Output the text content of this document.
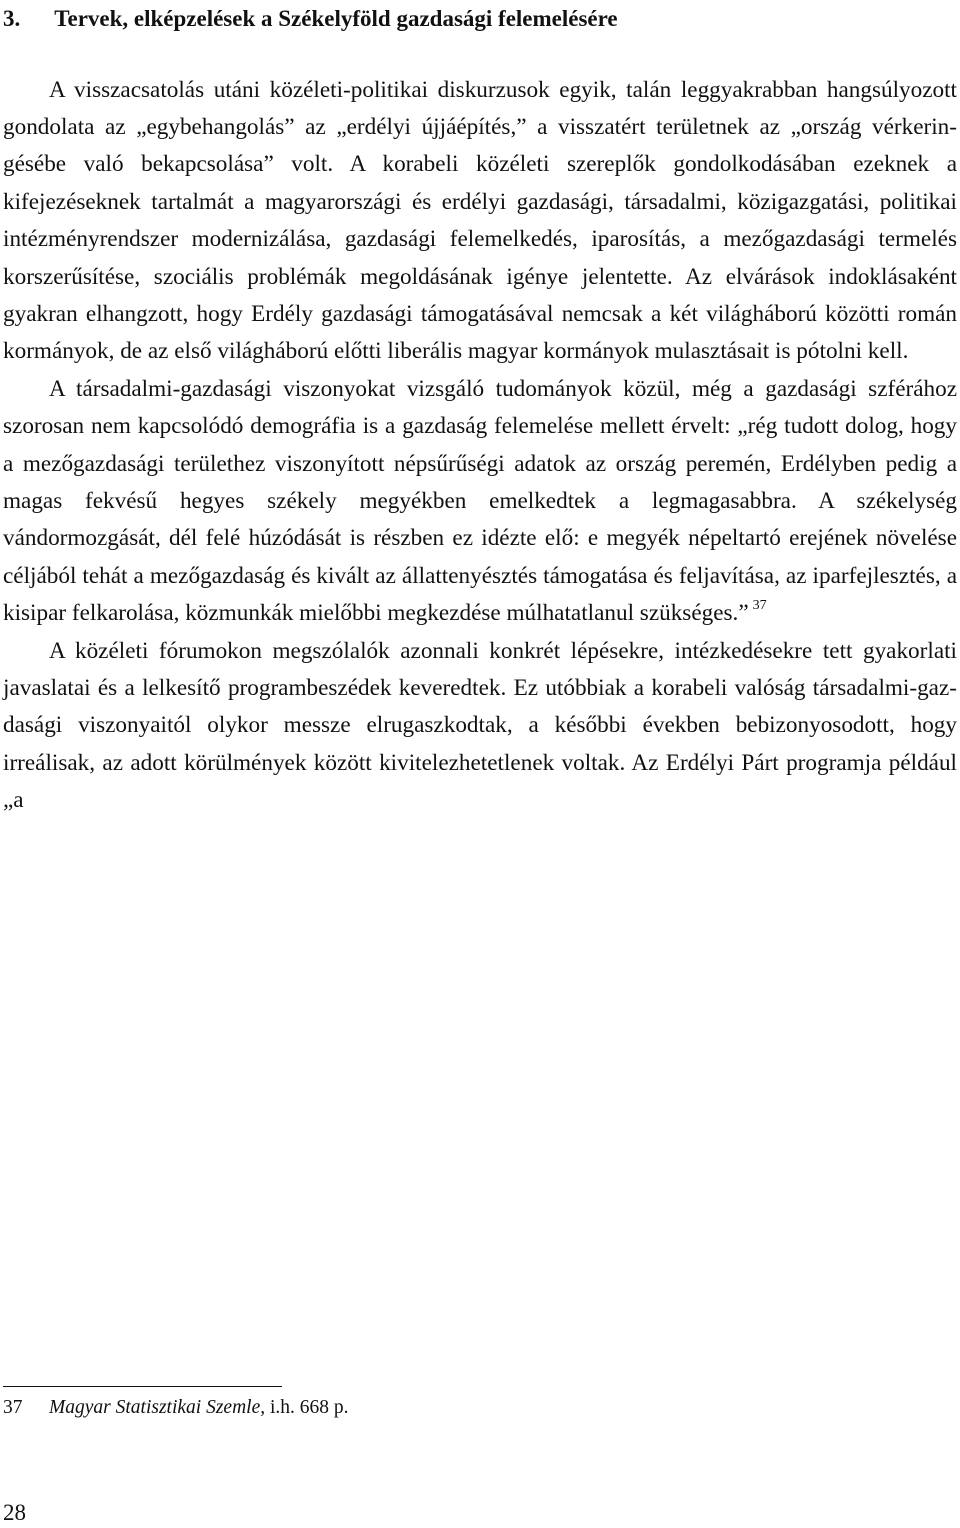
3. Tervek, elképzelések a Székelyföld gazdasági felemelésére

A visszacsatolás utáni közéleti-politikai diskurzusok egyik, talán leggyakrabban hangsúlyozott gondolata az „egybehangolás” az „erdélyi újjáépítés,” a visszatért területnek az „ország vérkeringésébe való bekapcsolása” volt. A korabeli közéleti szereplők gondolkodásában ezeknek a kifejezéseknek tartalmát a magyarországi és erdélyi gazdasági, társadalmi, közigazgatási, politikai intézményrendszer modernizálása, gazdasági felemelkedés, iparosítás, a mezőgazdasági termelés korszerűsítése, szociális problémák megoldásának igénye jelentette. Az elvárások indoklásaként gyakran elhangzott, hogy Erdély gazdasági támogatásával nemcsak a két világháború közötti román kormányok, de az első világháború előtti liberális magyar kormányok mulasztásait is pótolni kell.

A társadalmi-gazdasági viszonyokat vizsgáló tudományok közül, még a gazdasági szférához szorosan nem kapcsolódó demográfia is a gazdaság felemelése mellett érvelt: „rég tudott dolog, hogy a mezőgazdasági területhez viszonyított népsűrűségi adatok az ország peremén, Erdélyben pedig a magas fekvésű hegyes székely megyékben emelkedtek a legmagasabbra. A székelység vándormozgását, dél felé húzódását is részben ez idézte elő: e megyék népeltartó erejének növelése céljából tehát a mezőgazdaság és kivált az állattenyésztés támogatása és feljavítása, az iparfejlesztés, a kisipar felkarolása, közmunkák mielőbbi megkezdése múlhatatlanul szükséges.” $^{37}$

A közéleti fórumokon megszólalók azonnali konkrét lépésekre, intézkedésekre tett gyakorlati javaslatai és a lelkesítő programbeszédek keveredtek. Ez utóbbiak a korabeli valóság társadalmi-gazdasági viszonyaitól olykor messze elrugaszkodtak, a későbbi években bebizonyosodott, hogy irreálisak, az adott körülmények között kivitelezhetetlenek voltak. Az Erdélyi Párt programja például „a

37 Magyar Statisztikai Szemle, i.h. 668 p.
28
